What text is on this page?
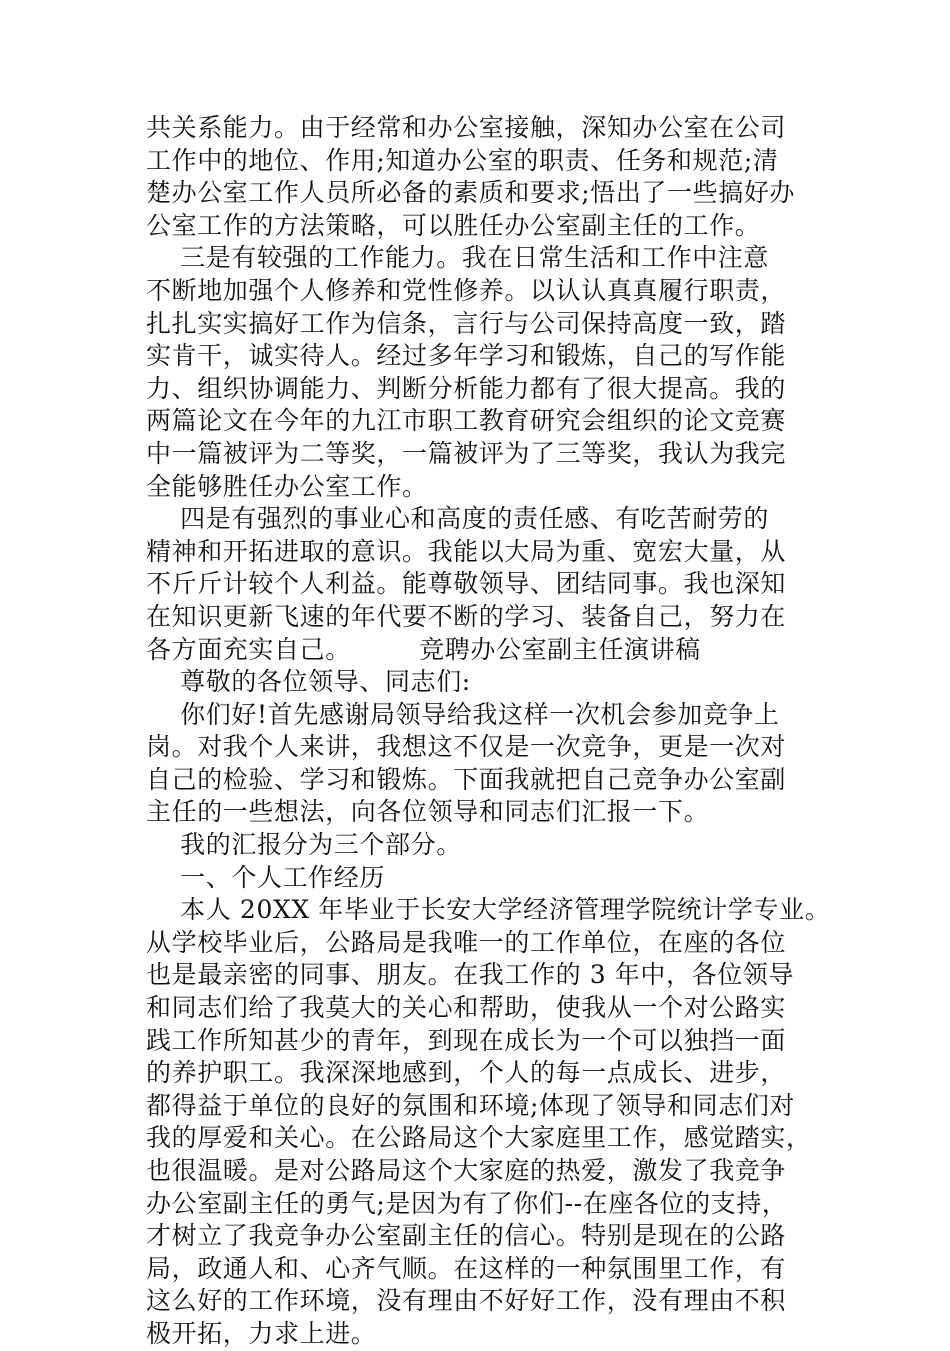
共关系能力。由于经常和办公室接触，深知办公室在公司
工作中的地位、作用;知道办公室的职责、任务和规范;清
楚办公室工作人员所必备的素质和要求;悟出了一些搞好办
公室工作的方法策略，可以胜任办公室副主任的工作。
三是有较强的工作能力。我在日常生活和工作中注意
不断地加强个人修养和党性修养。以认认真真履行职责，
扎扎实实搞好工作为信条，言行与公司保持高度一致，踏
实肯干，诚实待人。经过多年学习和锻炼，自己的写作能
力、组织协调能力、判断分析能力都有了很大提高。我的
两篇论文在今年的九江市职工教育研究会组织的论文竞赛
中一篇被评为二等奖，一篇被评为了三等奖，我认为我完
全能够胜任办公室工作。
四是有强烈的事业心和高度的责任感、有吃苦耐劳的
精神和开拓进取的意识。我能以大局为重、宽宏大量，从
不斤斤计较个人利益。能尊敬领导、团结同事。我也深知
在知识更新飞速的年代要不断的学习、装备自己，努力在
各方面充实自己。        竞聘办公室副主任演讲稿
尊敬的各位领导、同志们:
你们好!首先感谢局领导给我这样一次机会参加竞争上
岗。对我个人来讲，我想这不仅是一次竞争，更是一次对
自己的检验、学习和锻炼。下面我就把自己竞争办公室副
主任的一些想法，向各位领导和同志们汇报一下。
我的汇报分为三个部分。
一、个人工作经历
本人 20XX 年毕业于长安大学经济管理学院统计学专业。
从学校毕业后，公路局是我唯一的工作单位，在座的各位
也是最亲密的同事、朋友。在我工作的 3 年中，各位领导
和同志们给了我莫大的关心和帮助，使我从一个对公路实
践工作所知甚少的青年，到现在成长为一个可以独挡一面
的养护职工。我深深地感到，个人的每一点成长、进步，
都得益于单位的良好的氛围和环境;体现了领导和同志们对
我的厚爱和关心。在公路局这个大家庭里工作，感觉踏实，
也很温暖。是对公路局这个大家庭的热爱，激发了我竞争
办公室副主任的勇气;是因为有了你们--在座各位的支持，
才树立了我竞争办公室副主任的信心。特别是现在的公路
局，政通人和、心齐气顺。在这样的一种氛围里工作，有
这么好的工作环境，没有理由不好好工作，没有理由不积
极开拓，力求上进。
